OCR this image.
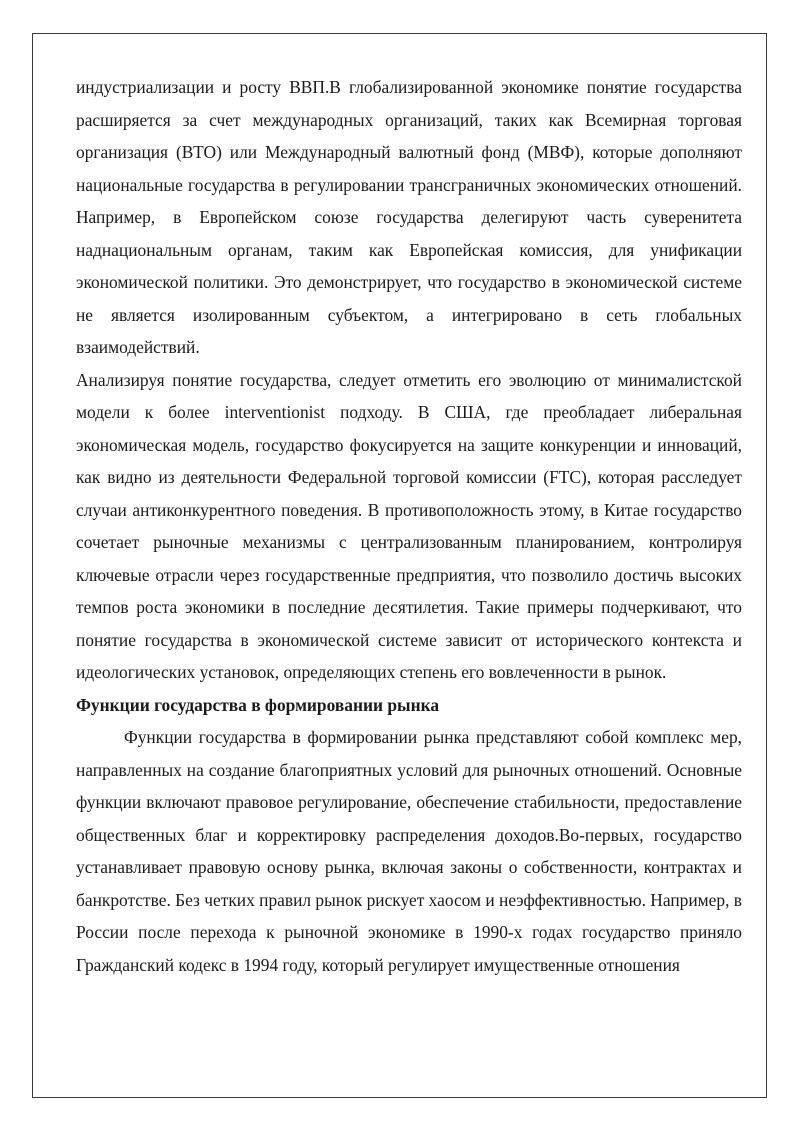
индустриализации и росту ВВП.В глобализированной экономике понятие государства расширяется за счет международных организаций, таких как Всемирная торговая организация (ВТО) или Международный валютный фонд (МВФ), которые дополняют национальные государства в регулировании трансграничных экономических отношений. Например, в Европейском союзе государства делегируют часть суверенитета наднациональным органам, таким как Европейская комиссия, для унификации экономической политики. Это демонстрирует, что государство в экономической системе не является изолированным субъектом, а интегрировано в сеть глобальных взаимодействий.

Анализируя понятие государства, следует отметить его эволюцию от минималистской модели к более interventionist подходу. В США, где преобладает либеральная экономическая модель, государство фокусируется на защите конкуренции и инноваций, как видно из деятельности Федеральной торговой комиссии (FTC), которая расследует случаи антиконкурентного поведения. В противоположность этому, в Китае государство сочетает рыночные механизмы с централизованным планированием, контролируя ключевые отрасли через государственные предприятия, что позволило достичь высоких темпов роста экономики в последние десятилетия. Такие примеры подчеркивают, что понятие государства в экономической системе зависит от исторического контекста и идеологических установок, определяющих степень его вовлеченности в рынок.

Функции государства в формировании рынка

Функции государства в формировании рынка представляют собой комплекс мер, направленных на создание благоприятных условий для рыночных отношений. Основные функции включают правовое регулирование, обеспечение стабильности, предоставление общественных благ и корректировку распределения доходов.Во-первых, государство устанавливает правовую основу рынка, включая законы о собственности, контрактах и банкротстве. Без четких правил рынок рискует хаосом и неэффективностью. Например, в России после перехода к рыночной экономике в 1990-х годах государство приняло Гражданский кодекс в 1994 году, который регулирует имущественные отношения
